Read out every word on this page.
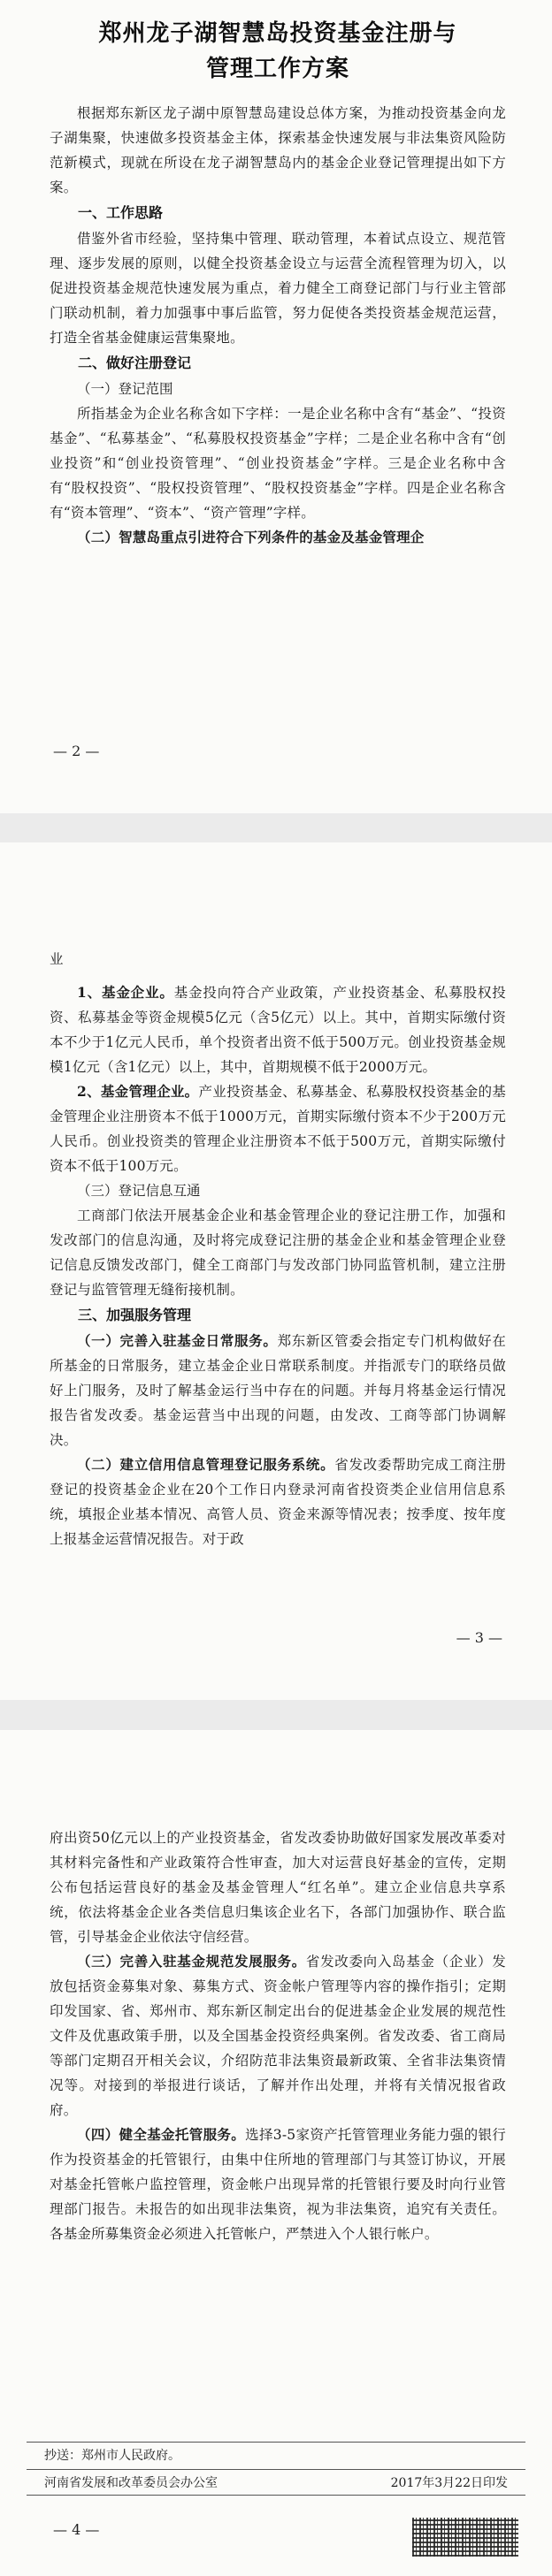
郑州龙子湖智慧岛投资基金注册与
管理工作方案

根据郑东新区龙子湖中原智慧岛建设总体方案，为推动投资基金向龙子湖集聚，快速做多投资基金主体，探索基金快速发展与非法集资风险防范新模式，现就在所设在龙子湖智慧岛内的基金企业登记管理提出如下方案。

一、工作思路

借鉴外省市经验，坚持集中管理、联动管理，本着试点设立、规范管理、逐步发展的原则，以健全投资基金设立与运营全流程管理为切入，以促进投资基金规范快速发展为重点，着力健全工商登记部门与行业主管部门联动机制，着力加强事中事后监管，努力促使各类投资基金规范运营，打造全省基金健康运营集聚地。

二、做好注册登记

（一）登记范围

所指基金为企业名称含如下字样：一是企业名称中含有“基金”、“投资基金”、“私募基金”、“私募股权投资基金”字样；二是企业名称中含有“创业投资”和“创业投资管理”、“创业投资基金”字样。三是企业名称中含有“股权投资”、“股权投资管理”、“股权投资基金”字样。四是企业名称含有“资本管理”、“资本”、“资产管理”字样。

（二）智慧岛重点引进符合下列条件的基金及基金管理企

— 2 —

业

1、基金企业。基金投向符合产业政策，产业投资基金、私募股权投资、私募基金等资金规模5亿元（含5亿元）以上。其中，首期实际缴付资本不少于1亿元人民币，单个投资者出资不低于500万元。创业投资基金规模1亿元（含1亿元）以上，其中，首期规模不低于2000万元。

2、基金管理企业。产业投资基金、私募基金、私募股权投资基金的基金管理企业注册资本不低于1000万元，首期实际缴付资本不少于200万元人民币。创业投资类的管理企业注册资本不低于500万元，首期实际缴付资本不低于100万元。

（三）登记信息互通

工商部门依法开展基金企业和基金管理企业的登记注册工作，加强和发改部门的信息沟通，及时将完成登记注册的基金企业和基金管理企业登记信息反馈发改部门，健全工商部门与发改部门协同监管机制，建立注册登记与监管管理无缝衔接机制。

三、加强服务管理

（一）完善入驻基金日常服务。郑东新区管委会指定专门机构做好在所基金的日常服务，建立基金企业日常联系制度。并指派专门的联络员做好上门服务，及时了解基金运行当中存在的问题。并每月将基金运行情况报告省发改委。基金运营当中出现的问题，由发改、工商等部门协调解决。

（二）建立信用信息管理登记服务系统。省发改委帮助完成工商注册登记的投资基金企业在20个工作日内登录河南省投资类企业信用信息系统，填报企业基本情况、高管人员、资金来源等情况表；按季度、按年度上报基金运营情况报告。对于政

— 3 —

府出资50亿元以上的产业投资基金，省发改委协助做好国家发展改革委对其材料完备性和产业政策符合性审查，加大对运营良好基金的宣传，定期公布包括运营良好的基金及基金管理人“红名单”。建立企业信息共享系统，依法将基金企业各类信息归集该企业名下，各部门加强协作、联合监管，引导基金企业依法守信经营。

（三）完善入驻基金规范发展服务。省发改委向入岛基金（企业）发放包括资金募集对象、募集方式、资金帐户管理等内容的操作指引；定期印发国家、省、郑州市、郑东新区制定出台的促进基金企业发展的规范性文件及优惠政策手册，以及全国基金投资经典案例。省发改委、省工商局等部门定期召开相关会议，介绍防范非法集资最新政策、全省非法集资情况等。对接到的举报进行谈话，了解并作出处理，并将有关情况报省政府。

（四）健全基金托管服务。选择3-5家资产托管管理业务能力强的银行作为投资基金的托管银行，由集中住所地的管理部门与其签订协议，开展对基金托管帐户监控管理，资金帐户出现异常的托管银行要及时向行业管理部门报告。未报告的如出现非法集资，视为非法集资，追究有关责任。各基金所募集资金必须进入托管帐户，严禁进入个人银行帐户。

抄送：郑州市人民政府。

河南省发展和改革委员会办公室	2017年3月22日印发
— 4 —
